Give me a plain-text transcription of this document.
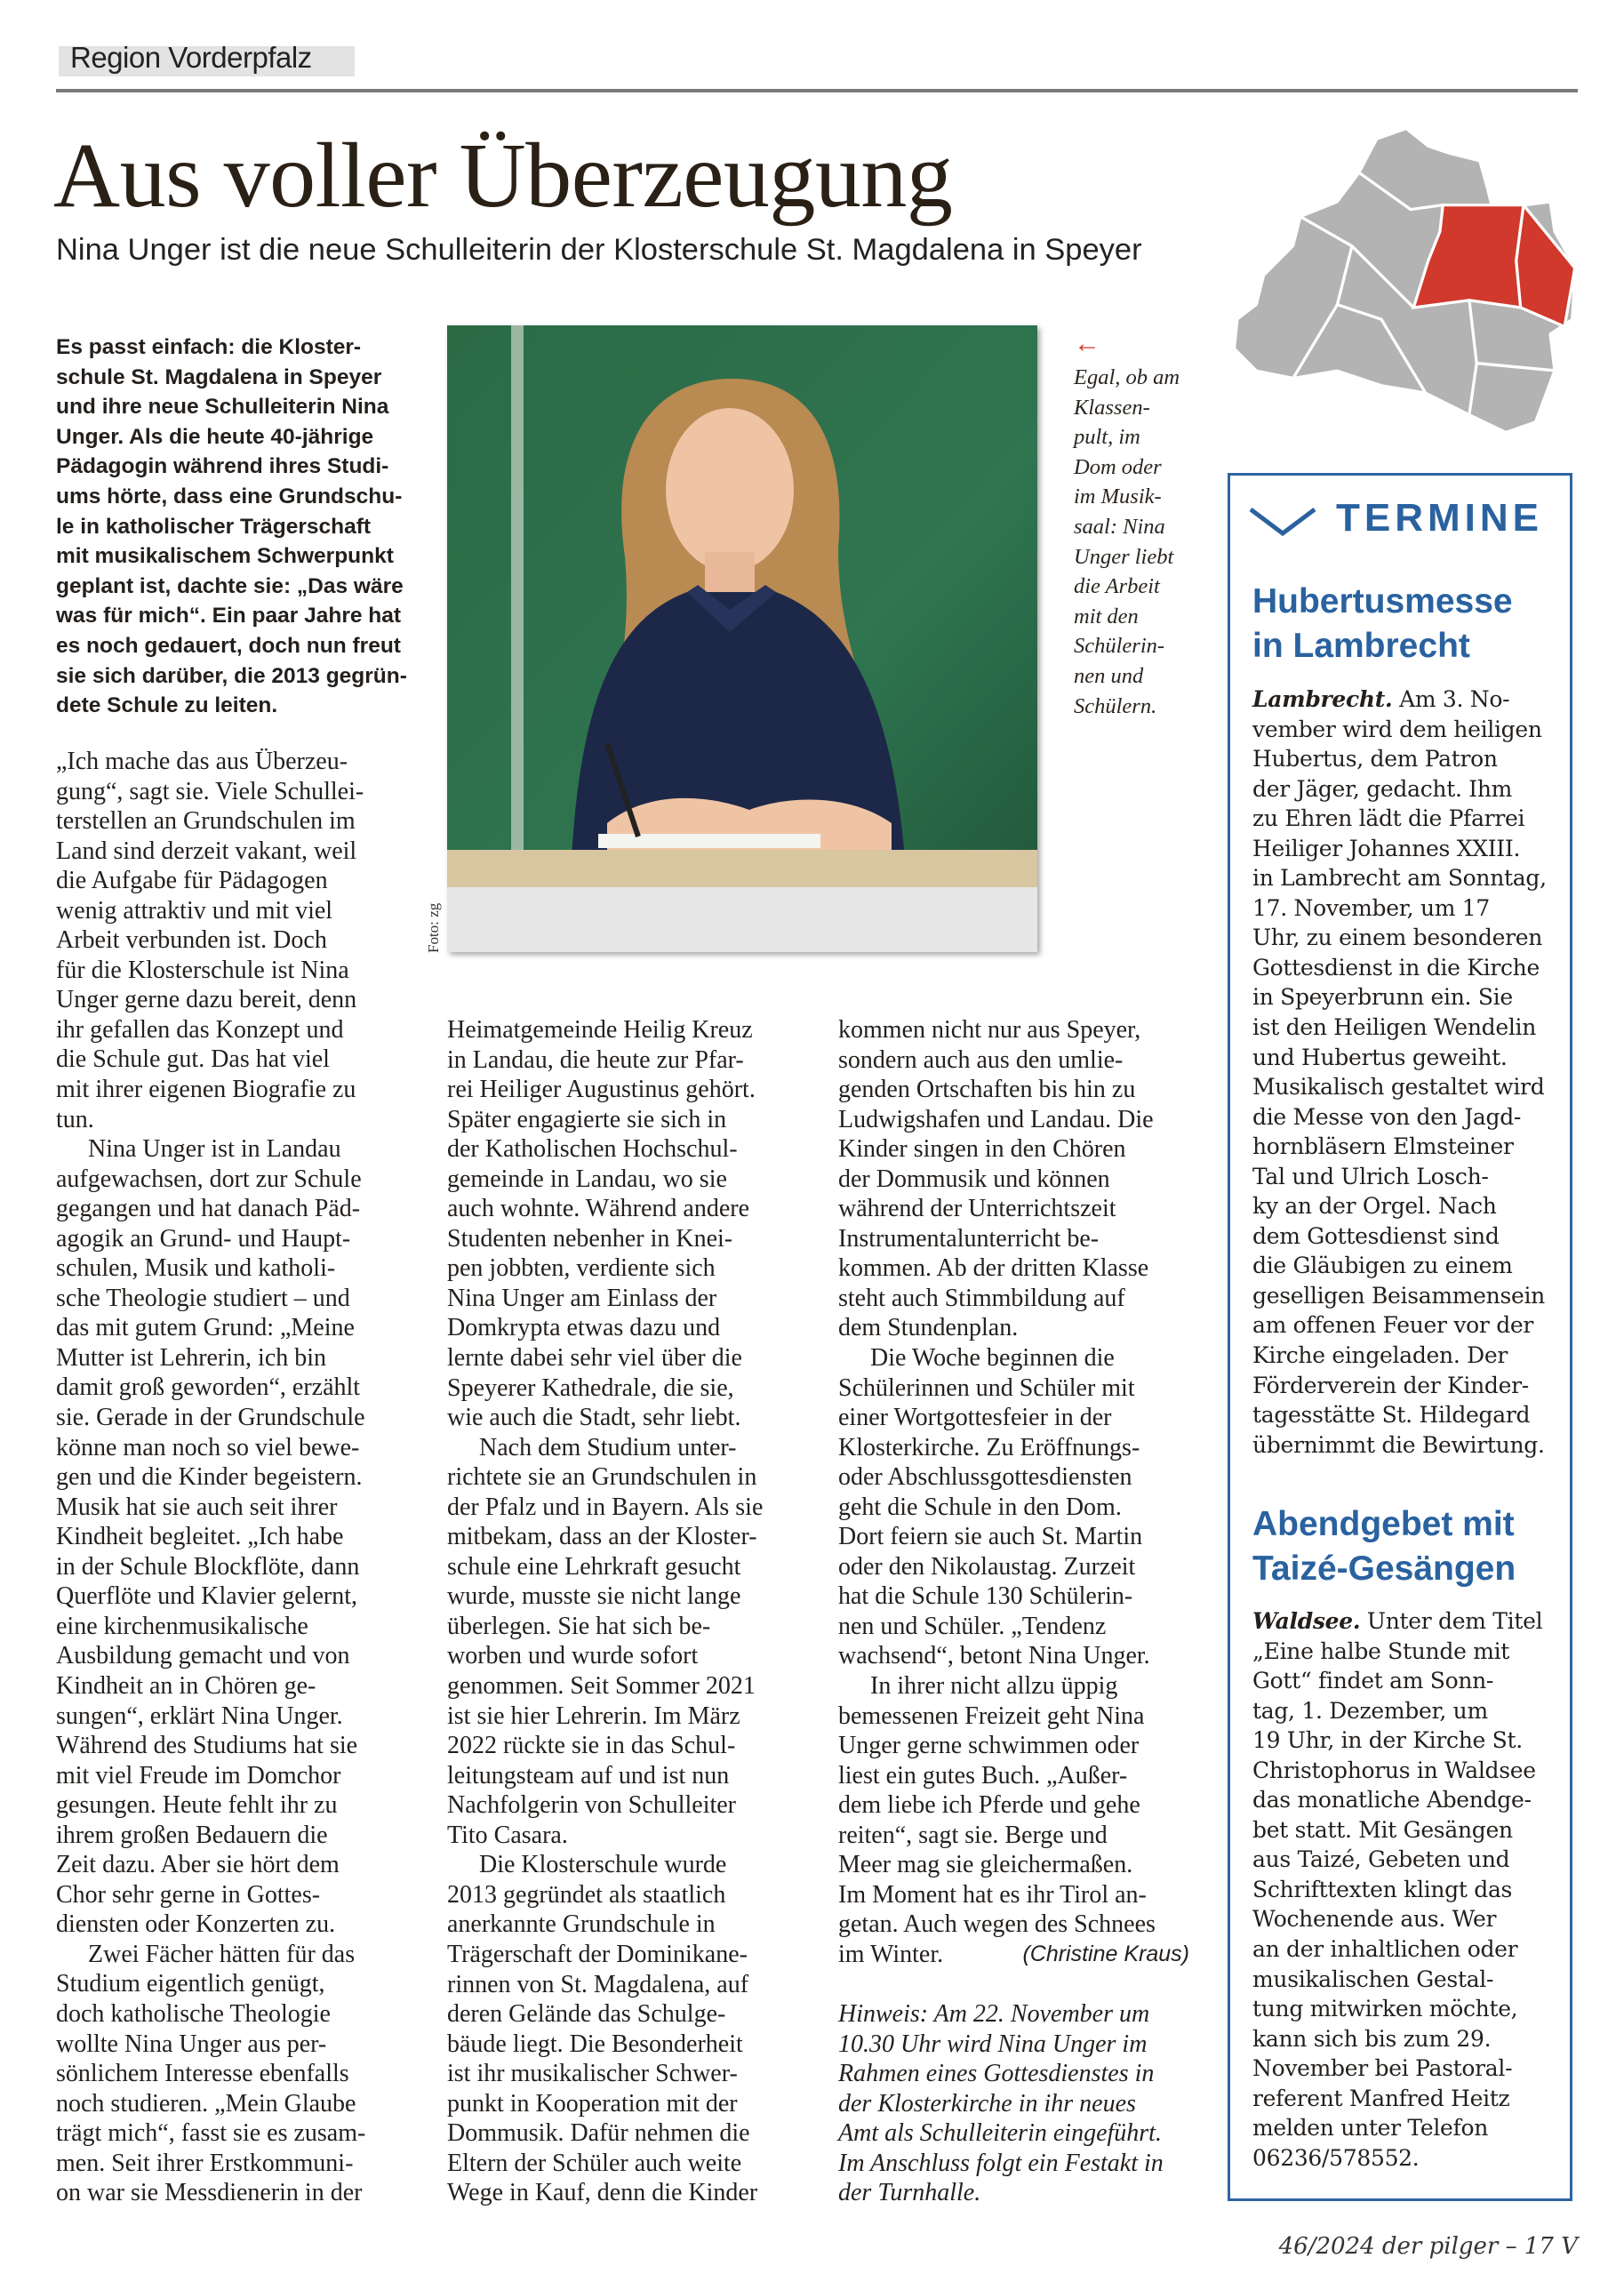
Region Vorderpfalz
Aus voller Überzeugung
Nina Unger ist die neue Schulleiterin der Klosterschule St. Magdalena in Speyer
Foto: zg
←
Egal, ob am
Klassen-
pult, im
Dom oder
im Musik-
saal: Nina
Unger liebt
die Arbeit
mit den
Schülerin-
nen und
Schülern.
Es passt einfach: die Kloster-
schule St. Magdalena in Speyer
und ihre neue Schulleiterin Nina
Unger. Als die heute 40-jährige
Pädagogin während ihres Studi-
ums hörte, dass eine Grundschu-
le in katholischer Trägerschaft
mit musikalischem Schwerpunkt
geplant ist, dachte sie: „Das wäre
was für mich“. Ein paar Jahre hat
es noch gedauert, doch nun freut
sie sich darüber, die 2013 gegrün-
dete Schule zu leiten.

„Ich mache das aus Überzeu-
gung“, sagt sie. Viele Schullei-
terstellen an Grundschulen im
Land sind derzeit vakant, weil
die Aufgabe für Pädagogen
wenig attraktiv und mit viel
Arbeit verbunden ist. Doch
für die Klosterschule ist Nina
Unger gerne dazu bereit, denn
ihr gefallen das Konzept und
die Schule gut. Das hat viel
mit ihrer eigenen Biografie zu
tun.

Nina Unger ist in Landau
aufgewachsen, dort zur Schule
gegangen und hat danach Päd-
agogik an Grund- und Haupt-
schulen, Musik und katholi-
sche Theologie studiert – und
das mit gutem Grund: „Meine
Mutter ist Lehrerin, ich bin
damit groß geworden“, erzählt
sie. Gerade in der Grundschule
könne man noch so viel bewe-
gen und die Kinder begeistern.
Musik hat sie auch seit ihrer
Kindheit begleitet. „Ich habe
in der Schule Blockflöte, dann
Querflöte und Klavier gelernt,
eine kirchenmusikalische
Ausbildung gemacht und von
Kindheit an in Chören ge-
sungen“, erklärt Nina Unger.
Während des Studiums hat sie
mit viel Freude im Domchor
gesungen. Heute fehlt ihr zu
ihrem großen Bedauern die
Zeit dazu. Aber sie hört dem
Chor sehr gerne in Gottes-
diensten oder Konzerten zu.

Zwei Fächer hätten für das
Studium eigentlich genügt,
doch katholische Theologie
wollte Nina Unger aus per-
sönlichem Interesse ebenfalls
noch studieren. „Mein Glaube
trägt mich“, fasst sie es zusam-
men. Seit ihrer Erstkommuni-
on war sie Messdienerin in der

Heimatgemeinde Heilig Kreuz
in Landau, die heute zur Pfar-
rei Heiliger Augustinus gehört.
Später engagierte sie sich in
der Katholischen Hochschul-
gemeinde in Landau, wo sie
auch wohnte. Während andere
Studenten nebenher in Knei-
pen jobbten, verdiente sich
Nina Unger am Einlass der
Domkrypta etwas dazu und
lernte dabei sehr viel über die
Speyerer Kathedrale, die sie,
wie auch die Stadt, sehr liebt.

Nach dem Studium unter-
richtete sie an Grundschulen in
der Pfalz und in Bayern. Als sie
mitbekam, dass an der Kloster-
schule eine Lehrkraft gesucht
wurde, musste sie nicht lange
überlegen. Sie hat sich be-
worben und wurde sofort
genommen. Seit Sommer 2021
ist sie hier Lehrerin. Im März
2022 rückte sie in das Schul-
leitungsteam auf und ist nun
Nachfolgerin von Schulleiter
Tito Casara.

Die Klosterschule wurde
2013 gegründet als staatlich
anerkannte Grundschule in
Trägerschaft der Dominikane-
rinnen von St. Magdalena, auf
deren Gelände das Schulge-
bäude liegt. Die Besonderheit
ist ihr musikalischer Schwer-
punkt in Kooperation mit der
Dommusik. Dafür nehmen die
Eltern der Schüler auch weite
Wege in Kauf, denn die Kinder

kommen nicht nur aus Speyer,
sondern auch aus den umlie-
genden Ortschaften bis hin zu
Ludwigshafen und Landau. Die
Kinder singen in den Chören
der Dommusik und können
während der Unterrichtszeit
Instrumentalunterricht be-
kommen. Ab der dritten Klasse
steht auch Stimmbildung auf
dem Stundenplan.

Die Woche beginnen die
Schülerinnen und Schüler mit
einer Wortgottesfeier in der
Klosterkirche. Zu Eröffnungs-
oder Abschlussgottesdiensten
geht die Schule in den Dom.
Dort feiern sie auch St. Martin
oder den Nikolaustag. Zurzeit
hat die Schule 130 Schülerin-
nen und Schüler. „Tendenz
wachsend“, betont Nina Unger.

In ihrer nicht allzu üppig
bemessenen Freizeit geht Nina
Unger gerne schwimmen oder
liest ein gutes Buch. „Außer-
dem liebe ich Pferde und gehe
reiten“, sagt sie. Berge und
Meer mag sie gleichermaßen.
Im Moment hat es ihr Tirol an-
getan. Auch wegen des Schnees
im Winter.	(Christine Kraus)

Hinweis: Am 22. November um
10.30 Uhr wird Nina Unger im
Rahmen eines Gottesdienstes in
der Klosterkirche in ihr neues
Amt als Schulleiterin eingeführt.
Im Anschluss folgt ein Festakt in
der Turnhalle.

TERMINE
Hubertusmesse
in Lambrecht
Lambrecht. Am 3. No-
vember wird dem heiligen
Hubertus, dem Patron
der Jäger, gedacht. Ihm
zu Ehren lädt die Pfarrei
Heiliger Johannes XXIII.
in Lambrecht am Sonntag,
17. November, um 17
Uhr, zu einem besonderen
Gottesdienst in die Kirche
in Speyerbrunn ein. Sie
ist den Heiligen Wendelin
und Hubertus geweiht.
Musikalisch gestaltet wird
die Messe von den Jagd-
hornbläsern Elmsteiner
Tal und Ulrich Losch-
ky an der Orgel. Nach
dem Gottesdienst sind
die Gläubigen zu einem
geselligen Beisammensein
am offenen Feuer vor der
Kirche eingeladen. Der
Förderverein der Kinder-
tagesstätte St. Hildegard
übernimmt die Bewirtung.
Abendgebet mit
Taizé-Gesängen
Waldsee. Unter dem Titel
„Eine halbe Stunde mit
Gott“ findet am Sonn-
tag, 1. Dezember, um
19 Uhr, in der Kirche St.
Christophorus in Waldsee
das monatliche Abendge-
bet statt. Mit Gesängen
aus Taizé, Gebeten und
Schrifttexten klingt das
Wochenende aus. Wer
an der inhaltlichen oder
musikalischen Gestal-
tung mitwirken möchte,
kann sich bis zum 29.
November bei Pastoral-
referent Manfred Heitz
melden unter Telefon
06236/578552.
46/2024 der pilger – 17 V
